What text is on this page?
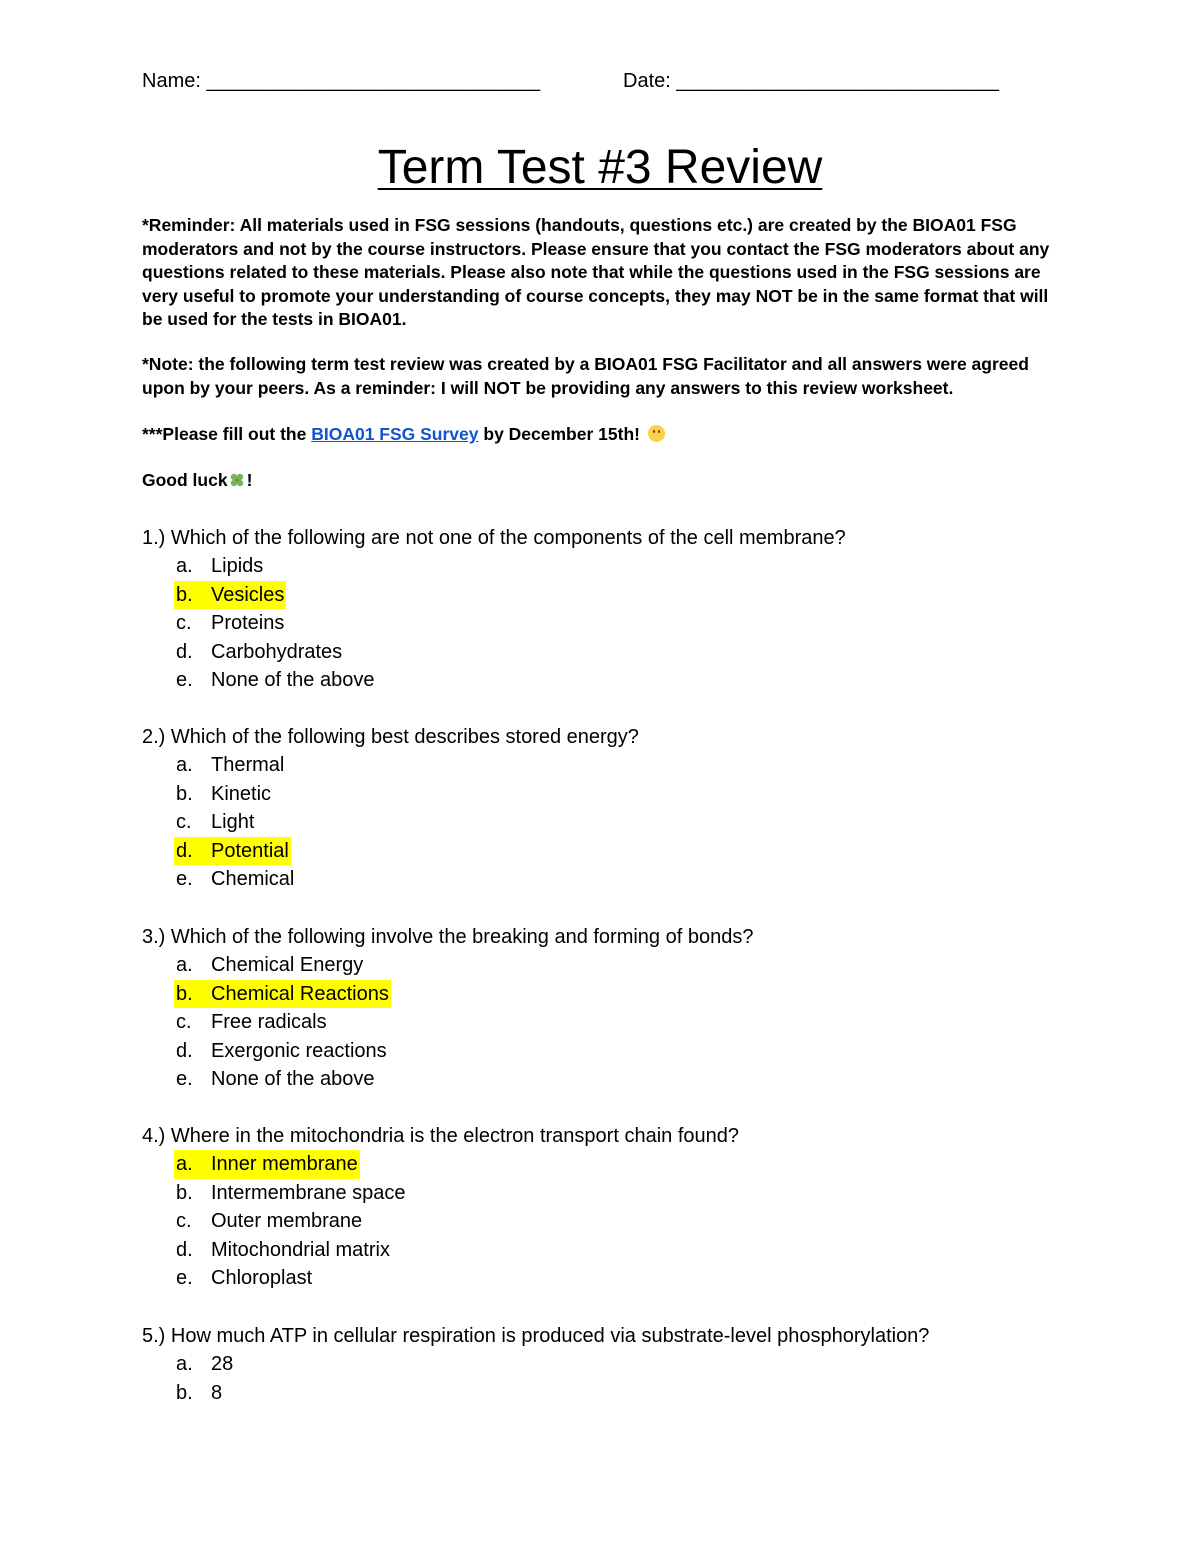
Name: ______________________________	Date: _____________________________
Term Test #3 Review
*Reminder: All materials used in FSG sessions (handouts, questions etc.) are created by the BIOA01 FSG moderators and not by the course instructors. Please ensure that you contact the FSG moderators about any questions related to these materials. Please also note that while the questions used in the FSG sessions are very useful to promote your understanding of course concepts, they may NOT be in the same format that will be used for the tests in BIOA01.
*Note: the following term test review was created by a BIOA01 FSG Facilitator and all answers were agreed upon by your peers. As a reminder: I will NOT be providing any answers to this review worksheet.
***Please fill out the BIOA01 FSG Survey by December 15th!
Good luck !
1.) Which of the following are not one of the components of the cell membrane?
a. Lipids
b. Vesicles
c. Proteins
d. Carbohydrates
e. None of the above
2.) Which of the following best describes stored energy?
a. Thermal
b. Kinetic
c. Light
d. Potential
e. Chemical
3.) Which of the following involve the breaking and forming of bonds?
a. Chemical Energy
b. Chemical Reactions
c. Free radicals
d. Exergonic reactions
e. None of the above
4.) Where in the mitochondria is the electron transport chain found?
a. Inner membrane
b. Intermembrane space
c. Outer membrane
d. Mitochondrial matrix
e. Chloroplast
5.) How much ATP in cellular respiration is produced via substrate-level phosphorylation?
a. 28
b. 8
